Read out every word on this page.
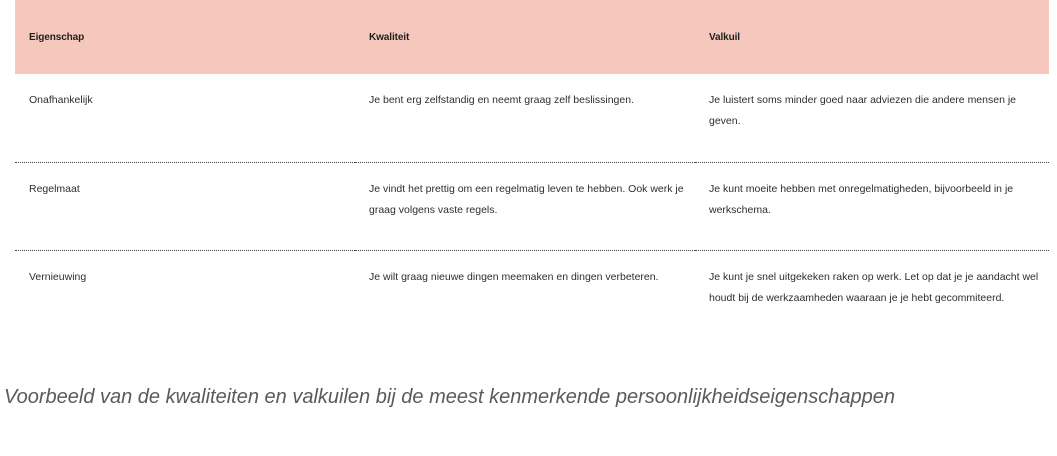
Eigenschap	Kwaliteit	Valkuil
Onafhankelijk	Je bent erg zelfstandig en neemt graag zelf beslissingen.	Je luistert soms minder goed naar adviezen die andere mensen je geven.
Regelmaat	Je vindt het prettig om een regelmatig leven te hebben. Ook werk je graag volgens vaste regels.	Je kunt moeite hebben met onregelmatigheden, bijvoorbeeld in je werkschema.
Vernieuwing	Je wilt graag nieuwe dingen meemaken en dingen verbeteren.	Je kunt je snel uitgekeken raken op werk. Let op dat je je aandacht wel houdt bij de werkzaamheden waaraan je je hebt gecommiteerd.
Voorbeeld van de kwaliteiten en valkuilen bij de meest kenmerkende persoonlijkheidseigenschappen
